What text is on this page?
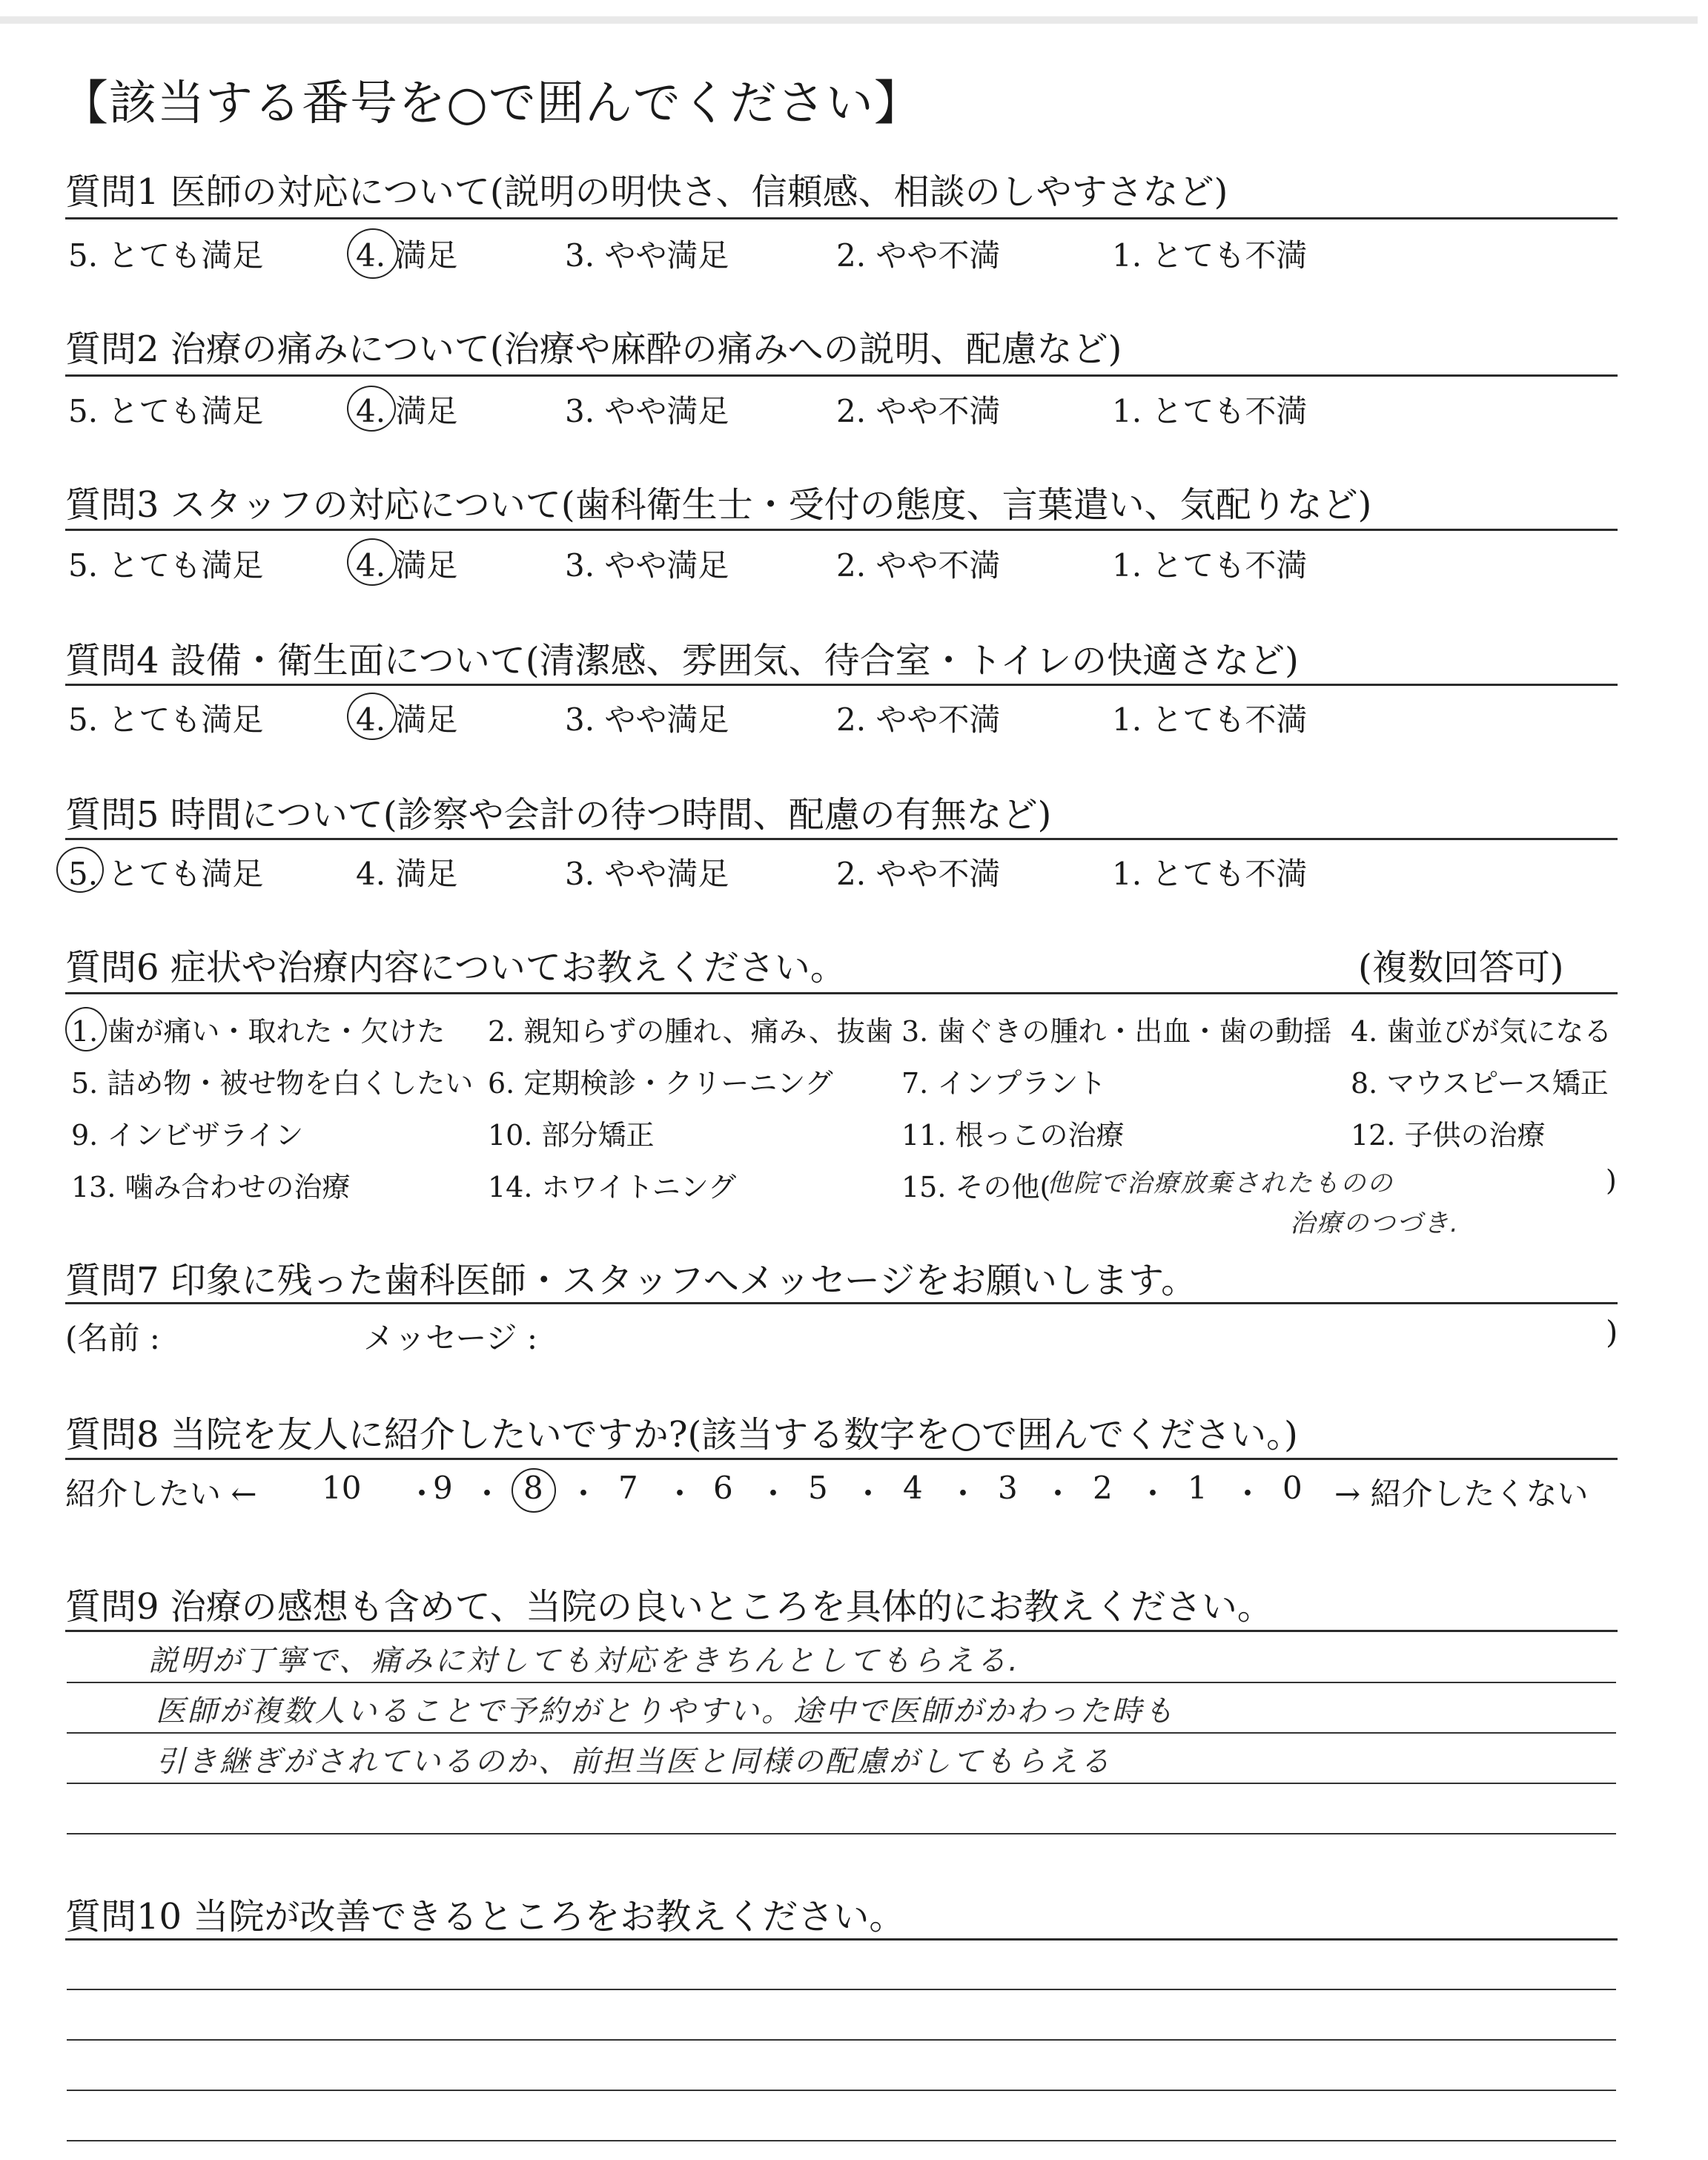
【該当する番号を○で囲んでください】
質問1 医師の対応について(説明の明快さ、信頼感、相談のしやすさなど)
5. とても満足	4. 満足	3. やや満足	2. やや不満	1. とても不満
質問2 治療の痛みについて(治療や麻酔の痛みへの説明、配慮など)
5. とても満足	4. 満足	3. やや満足	2. やや不満	1. とても不満
質問3 スタッフの対応について(歯科衛生士・受付の態度、言葉遣い、気配りなど)
5. とても満足	4. 満足	3. やや満足	2. やや不満	1. とても不満
質問4 設備・衛生面について(清潔感、雰囲気、待合室・トイレの快適さなど)
5. とても満足	4. 満足	3. やや満足	2. やや不満	1. とても不満
質問5 時間について(診察や会計の待つ時間、配慮の有無など)
5. とても満足	4. 満足	3. やや満足	2. やや不満	1. とても不満
質問6 症状や治療内容についてお教えください。	(複数回答可)
1. 歯が痛い・取れた・欠けた 2. 親知らずの腫れ、痛み、抜歯 3. 歯ぐきの腫れ・出血・歯の動揺 4. 歯並びが気になる
5. 詰め物・被せ物を白くしたい 6. 定期検診・クリーニング 7. インプラント	8. マウスピース矯正
9. インビザライン	10. 部分矯正	11. 根っこの治療	12. 子供の治療
13. 噛み合わせの治療	14. ホワイトニング	15. その他(
他院で治療放棄されたものの	)
治療のつづき.
質問7 印象に残った歯科医師・スタッフへメッセージをお願いします。
(名前 :	メッセージ :	)
質問8 当院を友人に紹介したいですか?(該当する数字を○で囲んでください。)
紹介したい ← 10 ・
9 ・ 8 ・ 7 ・ 6 ・ 5 ・ 4 ・ 3 ・ 2 ・ 1 ・ 0 → 紹介したくない
質問9 治療の感想も含めて、当院の良いところを具体的にお教えください。
説明が丁寧で、痛みに対しても対応をきちんとしてもらえる.
医師が複数人いることで予約がとりやすい。途中で医師がかわった時も
引き継ぎがされているのか、前担当医と同様の配慮がしてもらえる
質問10 当院が改善できるところをお教えください。
